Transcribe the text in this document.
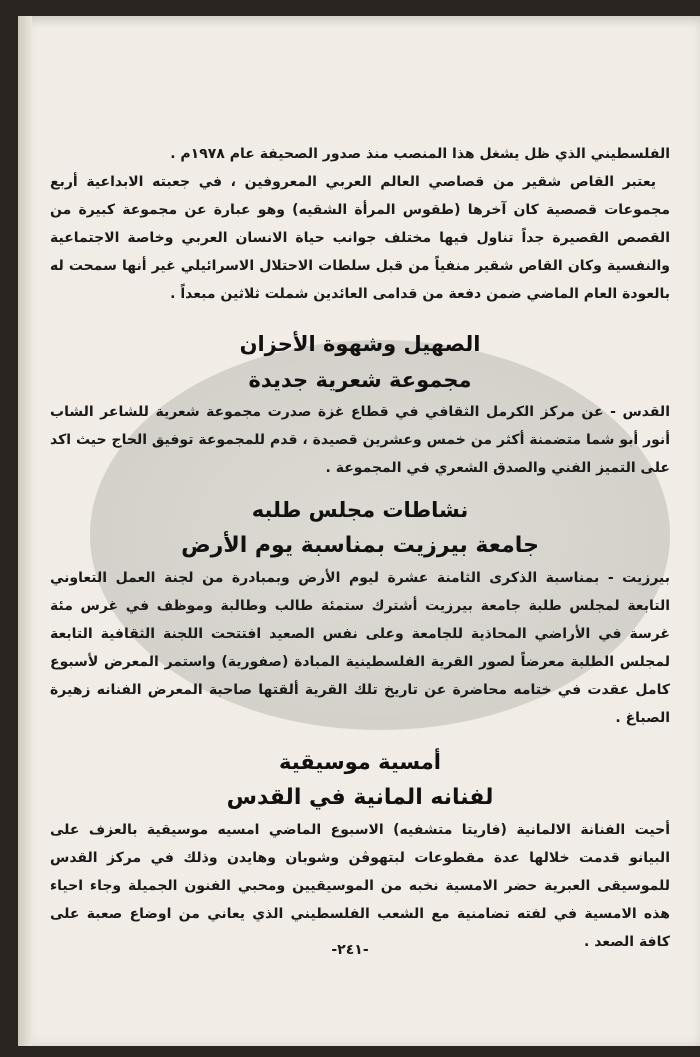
الفلسطيني الذي ظل يشغل هذا المنصب منذ صدور الصحيفة عام ١٩٧٨م .

يعتبر القاص شقير من قصاصي العالم العربي المعروفين ، في جعبته الابداعية أربع مجموعات قصصية كان آخرها (طقوس المرأة الشقيه) وهو عبارة عن مجموعة كبيرة من القصص القصيرة جداً تناول فيها مختلف جوانب حياة الانسان العربي وخاصة الاجتماعية والنفسية وكان القاص شقير منفياً من قبل سلطات الاحتلال الاسرائيلي غير أنها سمحت له بالعودة العام الماضي ضمن دفعة من قدامى العائدين شملت ثلاثين مبعداً .

الصهيل وشهوة الأحزان
مجموعة شعرية جديدة

القدس - عن مركز الكرمل الثقافي في قطاع غزة صدرت مجموعة شعرية للشاعر الشاب أنور أبو شما متضمنة أكثر من خمس وعشرين قصيدة ، قدم للمجموعة توفيق الحاج حيث اكد على التميز الفني والصدق الشعري في المجموعة .

نشاطات مجلس طلبه
جامعة بيرزيت بمناسبة يوم الأرض

بيرزيت - بمناسبة الذكرى الثامنة عشرة ليوم الأرض وبمبادرة من لجنة العمل التعاوني التابعة لمجلس طلبة جامعة بيرزيت أشترك ستمئة طالب وطالبة وموظف في غرس مئة غرسة في الأراضي المحاذية للجامعة وعلى نفس الصعيد افتتحت اللجنة الثقافية التابعة لمجلس الطلبة معرضاً لصور القرية الفلسطينية المبادة (صفورية) واستمر المعرض لأسبوع كامل عقدت في ختامه محاضرة عن تاريخ تلك القرية ألقتها صاحبة المعرض الفنانه زهيرة الصباغ .

أمسية موسيقية
لفنانه المانية في القدس

أحيت الفنانة الالمانية (فاريتا متشفيه) الاسبوع الماضي امسيه موسيقية بالعزف على البيانو قدمت خلالها عدة مقطوعات لبتهوڤن وشوبان وهايدن وذلك في مركز القدس للموسيقى العبرية حضر الامسية نخبه من الموسيقيين ومحبي الفنون الجميلة وجاء احياء هذه الامسية في لفته تضامنية مع الشعب الفلسطيني الذي يعاني من اوضاع صعبة على كافة الصعد .

-٢٤١-
